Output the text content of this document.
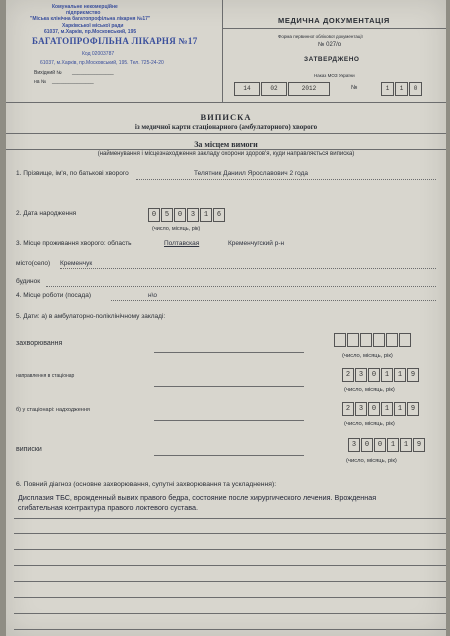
Комунальне некомерційне
підприємство
"Міська клінічна багатопрофільна лікарня №17"
Харківської міської ради
61037, м.Харків, пр.Московський, 195
БАГАТОПРОФІЛЬНА ЛІКАРНЯ №17
Код 02003787
61037, м.Харків, пр.Московський, 195. Тел. 725-24-20
Вихідний № _______________
на № _______________
МЕДИЧНА ДОКУМЕНТАЦІЯ
Форма первинної облікової документації
№ 027/о
ЗАТВЕРДЖЕНО
Наказ МОЗ України
14	02	2012	№	1	1	0
ВИПИСКА
із медичної карти стаціонарного (амбулаторного) хворого
За місцем вимоги
(найменування і місцезнаходження закладу охорони здоров'я, куди направляється виписка)
1. Прізвище, ім'я, по батькові хворого	Телятник Даниил Ярославович 2 года
2. Дата народження	0	5	0	3	1	6
(число, місяць, рік)
3. Місце проживання хворого: область	Полтавская	Кременчугский р-н
місто(село) Кременчук
будинок
4. Місце роботи (посада)	н\о
5. Дати: а) в амбулаторно-поліклінічному закладі:
захворювання
(число, місяць, рік)
направлення в стаціонар	2	3	0	1	1	9
(число, місяць, рік)
б) у стаціонарі: надходження	2	3	0	1	1	9
(число, місяць, рік)
виписки
3	0	0	1	1	9
(число, місяць, рік)
6. Повний діагноз (основне захворювання, супутні захворювання та ускладнення):
Дисплазия ТБС, врожденный вывих правого бедра, состояние после хирургического лечения. Врожденная сгибательная контрактура правого локтевого сустава.
